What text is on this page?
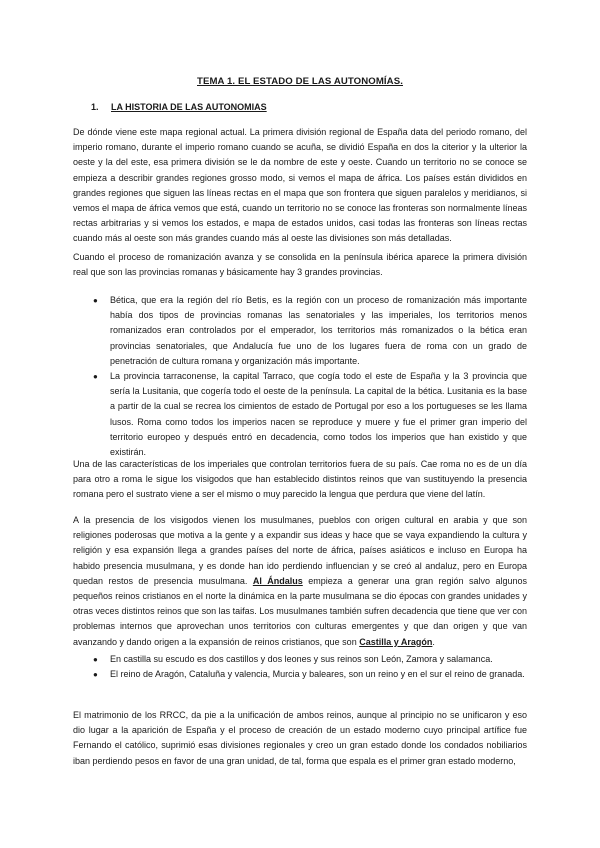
TEMA 1. EL ESTADO DE LAS AUTONOMÍAS.
1. LA HISTORIA DE LAS AUTONOMIAS
De dónde viene este mapa regional actual. La primera división regional de España data del periodo romano, del imperio romano, durante el imperio romano cuando se acuña, se dividió España en dos la citerior y la ulterior la oeste y la del este, esa primera división se le da nombre de este y oeste. Cuando un territorio no se conoce se empieza a describir grandes regiones grosso modo, si vemos el mapa de áfrica. Los países están divididos en grandes regiones que siguen las líneas rectas en el mapa que son frontera que siguen paralelos y meridianos, si vemos el mapa de áfrica vemos que está, cuando un territorio no se conoce las fronteras son normalmente líneas rectas arbitrarias y si vemos los estados, e mapa de estados unidos, casi todas las fronteras son líneas rectas cuando más al oeste son más grandes cuando más al oeste las divisiones son más detalladas.
Cuando el proceso de romanización avanza y se consolida en la península ibérica aparece la primera división real que son las provincias romanas y básicamente hay 3 grandes provincias.
● Bética, que era la región del río Betis, es la región con un proceso de romanización más importante había dos tipos de provincias romanas las senatoriales y las imperiales, los territorios menos romanizados eran controlados por el emperador, los territorios más romanizados o la bética eran provincias senatoriales, que Andalucía fue uno de los lugares fuera de roma con un grado de penetración de cultura romana y organización más importante.
● La provincia tarraconense, la capital Tarraco, que cogía todo el este de España y la 3 provincia que sería la Lusitania, que cogería todo el oeste de la península. La capital de la bética. Lusitania es la base a partir de la cual se recrea los cimientos de estado de Portugal por eso a los portugueses se les llama lusos. Roma como todos los imperios nacen se reproduce y muere y fue el primer gran imperio del territorio europeo y después entró en decadencia, como todos los imperios que han existido y que existirán.
Una de las características de los imperiales que controlan territorios fuera de su país. Cae roma no es de un día para otro a roma le sigue los visigodos que han establecido distintos reinos que van sustituyendo la presencia romana pero el sustrato viene a ser el mismo o muy parecido la lengua que perdura que viene del latín.
A la presencia de los visigodos vienen los musulmanes, pueblos con origen cultural en arabia y que son religiones poderosas que motiva a la gente y a expandir sus ideas y hace que se vaya expandiendo la cultura y religión y esa expansión llega a grandes países del norte de áfrica, países asiáticos e incluso en Europa ha habido presencia musulmana, y es donde han ido perdiendo influencian y se creó al andaluz, pero en Europa quedan restos de presencia musulmana. Al Ándalus empieza a generar una gran región salvo algunos pequeños reinos cristianos en el norte la dinámica en la parte musulmana se dio épocas con grandes unidades y otras veces distintos reinos que son las taifas. Los musulmanes también sufren decadencia que tiene que ver con problemas internos que aprovechan unos territorios con culturas emergentes y que dan origen y que van avanzando y dando origen a la expansión de reinos cristianos, que son Castilla y Aragón.
● En castilla su escudo es dos castillos y dos leones y sus reinos son León, Zamora y salamanca.
● El reino de Aragón, Cataluña y valencia, Murcia y baleares, son un reino y en el sur el reino de granada.
El matrimonio de los RRCC, da pie a la unificación de ambos reinos, aunque al principio no se unificaron y eso dio lugar a la aparición de España y el proceso de creación de un estado moderno cuyo principal artífice fue Fernando el católico, suprimió esas divisiones regionales y creo un gran estado donde los condados nobiliarios iban perdiendo pesos en favor de una gran unidad, de tal, forma que espala es el primer gran estado moderno,
